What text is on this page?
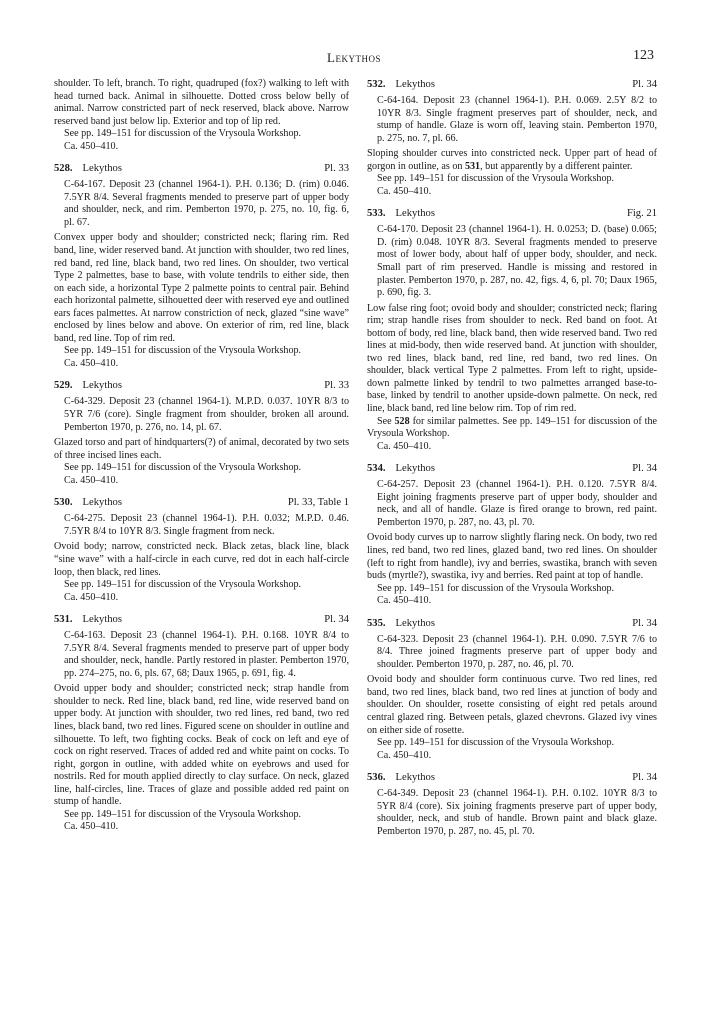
Lekythos	123

shoulder. To left, branch. To right, quadruped (fox?) walking to left with head turned back. Animal in silhouette. Dotted cross below belly of animal. Narrow constricted part of neck reserved, black above. Narrow reserved band just below lip. Exterior and top of lip red.

See pp. 149–151 for discussion of the Vrysoula Workshop.

Ca. 450–410.

528. Lekythos	Pl. 33

C-64-167. Deposit 23 (channel 1964-1). P.H. 0.136; D. (rim) 0.046. 7.5YR 8/4. Several fragments mended to preserve part of upper body and shoulder, neck, and rim. Pemberton 1970, p. 275, no. 10, fig. 6, pl. 67.

Convex upper body and shoulder; constricted neck; flaring rim. Red band, line, wider reserved band. At junction with shoulder, two red lines, red band, red line, black band, two red lines. On shoulder, two vertical Type 2 palmettes, base to base, with volute tendrils to either side, then on each side, a horizontal Type 2 palmette points to central pair. Behind each horizontal palmette, silhouetted deer with reserved eye and outlined ears faces palmettes. At narrow constriction of neck, glazed “sine wave” enclosed by lines below and above. On exterior of rim, red line, black band, red line. Top of rim red.

See pp. 149–151 for discussion of the Vrysoula Workshop.

Ca. 450–410.

529. Lekythos	Pl. 33

C-64-329. Deposit 23 (channel 1964-1). M.P.D. 0.037. 10YR 8/3 to 5YR 7/6 (core). Single fragment from shoulder, broken all around. Pemberton 1970, p. 276, no. 14, pl. 67.

Glazed torso and part of hindquarters(?) of animal, decorated by two sets of three incised lines each.

See pp. 149–151 for discussion of the Vrysoula Workshop.

Ca. 450–410.

530. Lekythos	Pl. 33, Table 1

C-64-275. Deposit 23 (channel 1964-1). P.H. 0.032; M.P.D. 0.46. 7.5YR 8/4 to 10YR 8/3. Single fragment from neck.

Ovoid body; narrow, constricted neck. Black zetas, black line, black “sine wave” with a half-circle in each curve, red dot in each half-circle loop, then black, red lines.

See pp. 149–151 for discussion of the Vrysoula Workshop.

Ca. 450–410.

531. Lekythos	Pl. 34

C-64-163. Deposit 23 (channel 1964-1). P.H. 0.168. 10YR 8/4 to 7.5YR 8/4. Several fragments mended to preserve part of upper body and shoulder, neck, handle. Partly restored in plaster. Pemberton 1970, pp. 274–275, no. 6, pls. 67, 68; Daux 1965, p. 691, fig. 4.

Ovoid upper body and shoulder; constricted neck; strap handle from shoulder to neck. Red line, black band, red line, wide reserved band on upper body. At junction with shoulder, two red lines, red band, two red lines, black band, two red lines. Figured scene on shoulder in outline and silhouette. To left, two fighting cocks. Beak of cock on left and eye of cock on right reserved. Traces of added red and white paint on cocks. To right, gorgon in outline, with added white on eyebrows and used for nostrils. Red for mouth applied directly to clay surface. On neck, glazed line, half-circles, line. Traces of glaze and possible added red paint on stump of handle.

See pp. 149–151 for discussion of the Vrysoula Workshop.

Ca. 450–410.

532. Lekythos	Pl. 34

C-64-164. Deposit 23 (channel 1964-1). P.H. 0.069. 2.5Y 8/2 to 10YR 8/3. Single fragment preserves part of shoulder, neck, and stump of handle. Glaze is worn off, leaving stain. Pemberton 1970, p. 275, no. 7, pl. 66.

Sloping shoulder curves into constricted neck. Upper part of head of gorgon in outline, as on 531, but apparently by a different painter.

See pp. 149–151 for discussion of the Vrysoula Workshop.

Ca. 450–410.

533. Lekythos	Fig. 21

C-64-170. Deposit 23 (channel 1964-1). H. 0.0253; D. (base) 0.065; D. (rim) 0.048. 10YR 8/3. Several fragments mended to preserve most of lower body, about half of upper body, shoulder, and neck. Small part of rim preserved. Handle is missing and restored in plaster. Pemberton 1970, p. 287, no. 42, figs. 4, 6, pl. 70; Daux 1965, p. 690, fig. 3.

Low false ring foot; ovoid body and shoulder; constricted neck; flaring rim; strap handle rises from shoulder to neck. Red band on foot. At bottom of body, red line, black band, then wide reserved band. Two red lines at mid-body, then wide reserved band. At junction with shoulder, two red lines, black band, red line, red band, two red lines. On shoulder, black vertical Type 2 palmettes. From left to right, upside-down palmette linked by tendril to two palmettes arranged base-to-base, linked by tendril to another upside-down palmette. On neck, red line, black band, red line below rim. Top of rim red.

See 528 for similar palmettes. See pp. 149–151 for discussion of the Vrysoula Workshop.

Ca. 450–410.

534. Lekythos	Pl. 34

C-64-257. Deposit 23 (channel 1964-1). P.H. 0.120. 7.5YR 8/4. Eight joining fragments preserve part of upper body, shoulder and neck, and all of handle. Glaze is fired orange to brown, red paint. Pemberton 1970, p. 287, no. 43, pl. 70.

Ovoid body curves up to narrow slightly flaring neck. On body, two red lines, red band, two red lines, glazed band, two red lines. On shoulder (left to right from handle), ivy and berries, swastika, branch with seven buds (myrtle?), swastika, ivy and berries. Red paint at top of handle.

See pp. 149–151 for discussion of the Vrysoula Workshop.

Ca. 450–410.

535. Lekythos	Pl. 34

C-64-323. Deposit 23 (channel 1964-1). P.H. 0.090. 7.5YR 7/6 to 8/4. Three joined fragments preserve part of upper body and shoulder. Pemberton 1970, p. 287, no. 46, pl. 70.

Ovoid body and shoulder form continuous curve. Two red lines, red band, two red lines, black band, two red lines at junction of body and shoulder. On shoulder, rosette consisting of eight red petals around central glazed ring. Between petals, glazed chevrons. Glazed ivy vines on either side of rosette.

See pp. 149–151 for discussion of the Vrysoula Workshop.

Ca. 450–410.

536. Lekythos	Pl. 34

C-64-349. Deposit 23 (channel 1964-1). P.H. 0.102. 10YR 8/3 to 5YR 8/4 (core). Six joining fragments preserve part of upper body, shoulder, neck, and stub of handle. Brown paint and black glaze. Pemberton 1970, p. 287, no. 45, pl. 70.
